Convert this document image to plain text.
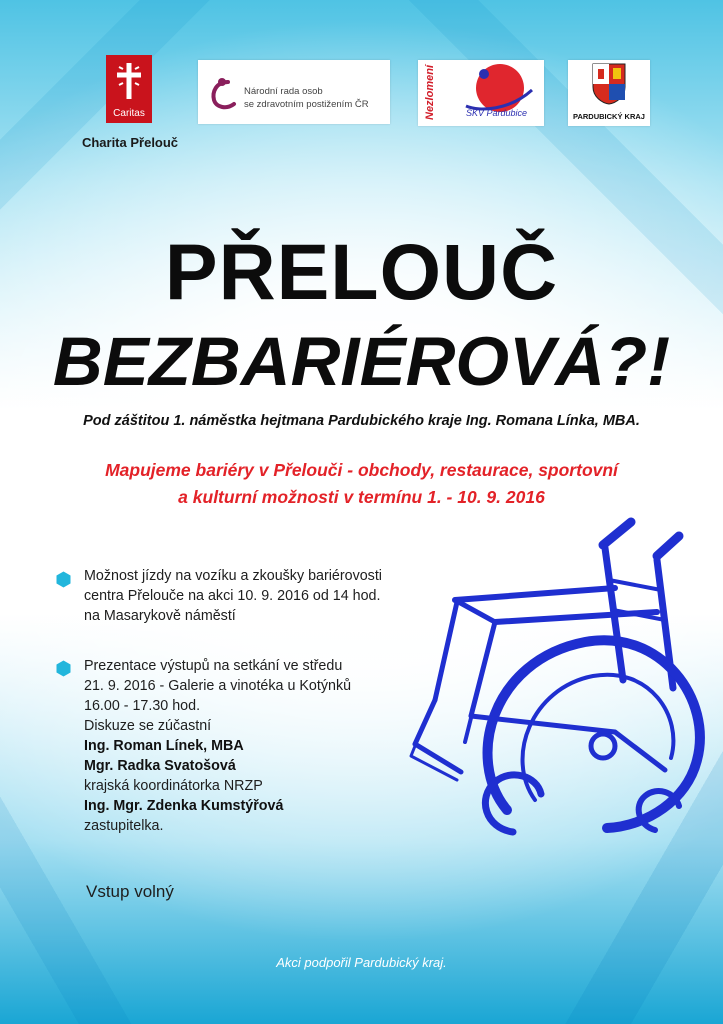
Caritas
Charita Přelouč
Národní rada osob
se zdravotním postižením ČR	Nezlomení	SKV Pardubice	PARDUBICKÝ KRAJ
PŘELOUČ
BEZBARIÉROVÁ?!
Pod záštitou 1. náměstka hejtmana Pardubického kraje Ing. Romana Línka, MBA.
Mapujeme bariéry v Přelouči - obchody, restaurace, sportovní
a kulturní možnosti v termínu 1. - 10. 9. 2016
Možnost jízdy na vozíku a zkoušky bariérovosti
centra Přelouče na akci 10. 9. 2016 od 14 hod.
na Masarykově náměstí
Prezentace výstupů na setkání ve středu
21. 9. 2016 - Galerie a vinotéka u Kotýnků
16.00 - 17.30 hod.
Diskuze se zúčastní
Ing. Roman Línek, MBA
Mgr. Radka Svatošová
krajská koordinátorka NRZP
Ing. Mgr. Zdenka Kumstýřová
zastupitelka.
Vstup volný
Akci podpořil Pardubický kraj.
